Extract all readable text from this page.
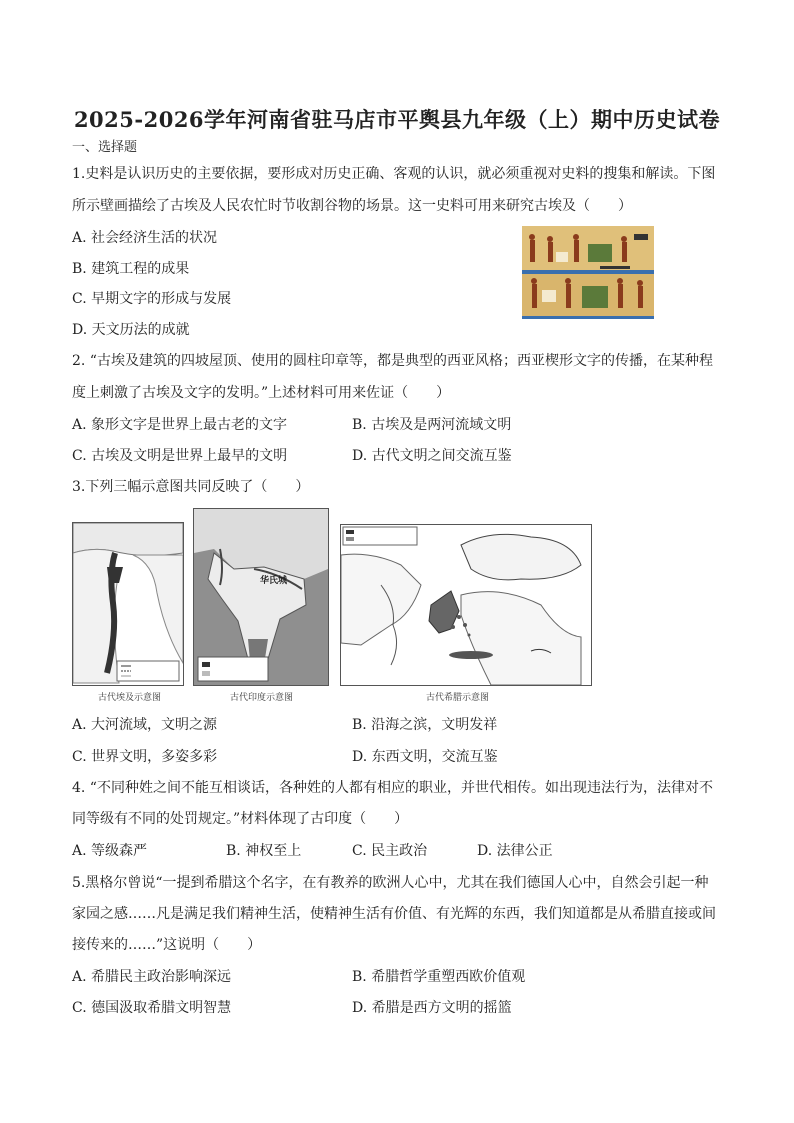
2025-2026学年河南省驻马店市平舆县九年级（上）期中历史试卷
一、选择题
1.史料是认识历史的主要依据，要形成对历史正确、客观的认识，就必须重视对史料的搜集和解读。下图
所示壁画描绘了古埃及人民农忙时节收割谷物的场景。这一史料可用来研究古埃及（　　）
A. 社会经济生活的状况
B. 建筑工程的成果
C. 早期文字的形成与发展
D. 天文历法的成就
2. “古埃及建筑的四坡屋顶、使用的圆柱印章等，都是典型的西亚风格；西亚楔形文字的传播，在某种程
度上刺激了古埃及文字的发明。”上述材料可用来佐证（　　）
A. 象形文字是世界上最古老的文字	B. 古埃及是两河流域文明
C. 古埃及文明是世界上最早的文明	D. 古代文明之间交流互鉴
3.下列三幅示意图共同反映了（　　）
古代埃及示意图
华氏城
古代印度示意图	古代希腊示意图
A. 大河流域，文明之源	B. 沿海之滨，文明发祥
C. 世界文明，多姿多彩	D. 东西文明，交流互鉴
4. “不同种姓之间不能互相谈话，各种姓的人都有相应的职业，并世代相传。如出现违法行为，法律对不
同等级有不同的处罚规定。”材料体现了古印度（　　）
A. 等级森严	B. 神权至上	C. 民主政治	D. 法律公正
5.黑格尔曾说“一提到希腊这个名字，在有教养的欧洲人心中，尤其在我们德国人心中，自然会引起一种
家园之感……凡是满足我们精神生活，使精神生活有价值、有光辉的东西，我们知道都是从希腊直接或间
接传来的……”这说明（　　）
A. 希腊民主政治影响深远	B. 希腊哲学重塑西欧价值观
C. 德国汲取希腊文明智慧	D. 希腊是西方文明的摇篮
